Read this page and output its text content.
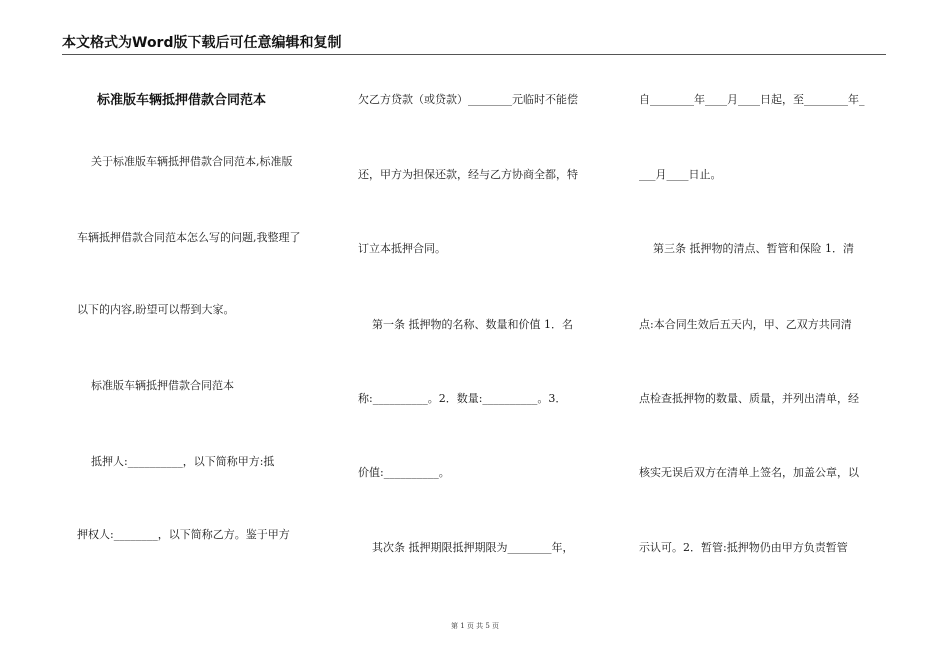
本文格式为Word版下载后可任意编辑和复制
标准版车辆抵押借款合同范本
关于标准版车辆抵押借款合同范本,标准版
车辆抵押借款合同范本怎么写的问题,我整理了
以下的内容,盼望可以帮到大家。
标准版车辆抵押借款合同范本
抵押人:__________，以下简称甲方:抵
押权人:________，以下简称乙方。鉴于甲方
欠乙方贷款（或贷款）________元临时不能偿
还，甲方为担保还款，经与乙方协商全都，特
订立本抵押合同。
第一条 抵押物的名称、数量和价值 1．名
称:__________。2．数量:__________。3．
价值:__________。
其次条 抵押期限抵押期限为________年，
自________年____月____日起，至________年_
___月____日止。
第三条 抵押物的清点、暂管和保险 1．清
点:本合同生效后五天内，甲、乙双方共同清
点检查抵押物的数量、质量，并列出清单，经
核实无误后双方在清单上签名，加盖公章，以
示认可。2．暂管:抵押物仍由甲方负责暂管
第 1 页 共 5 页
